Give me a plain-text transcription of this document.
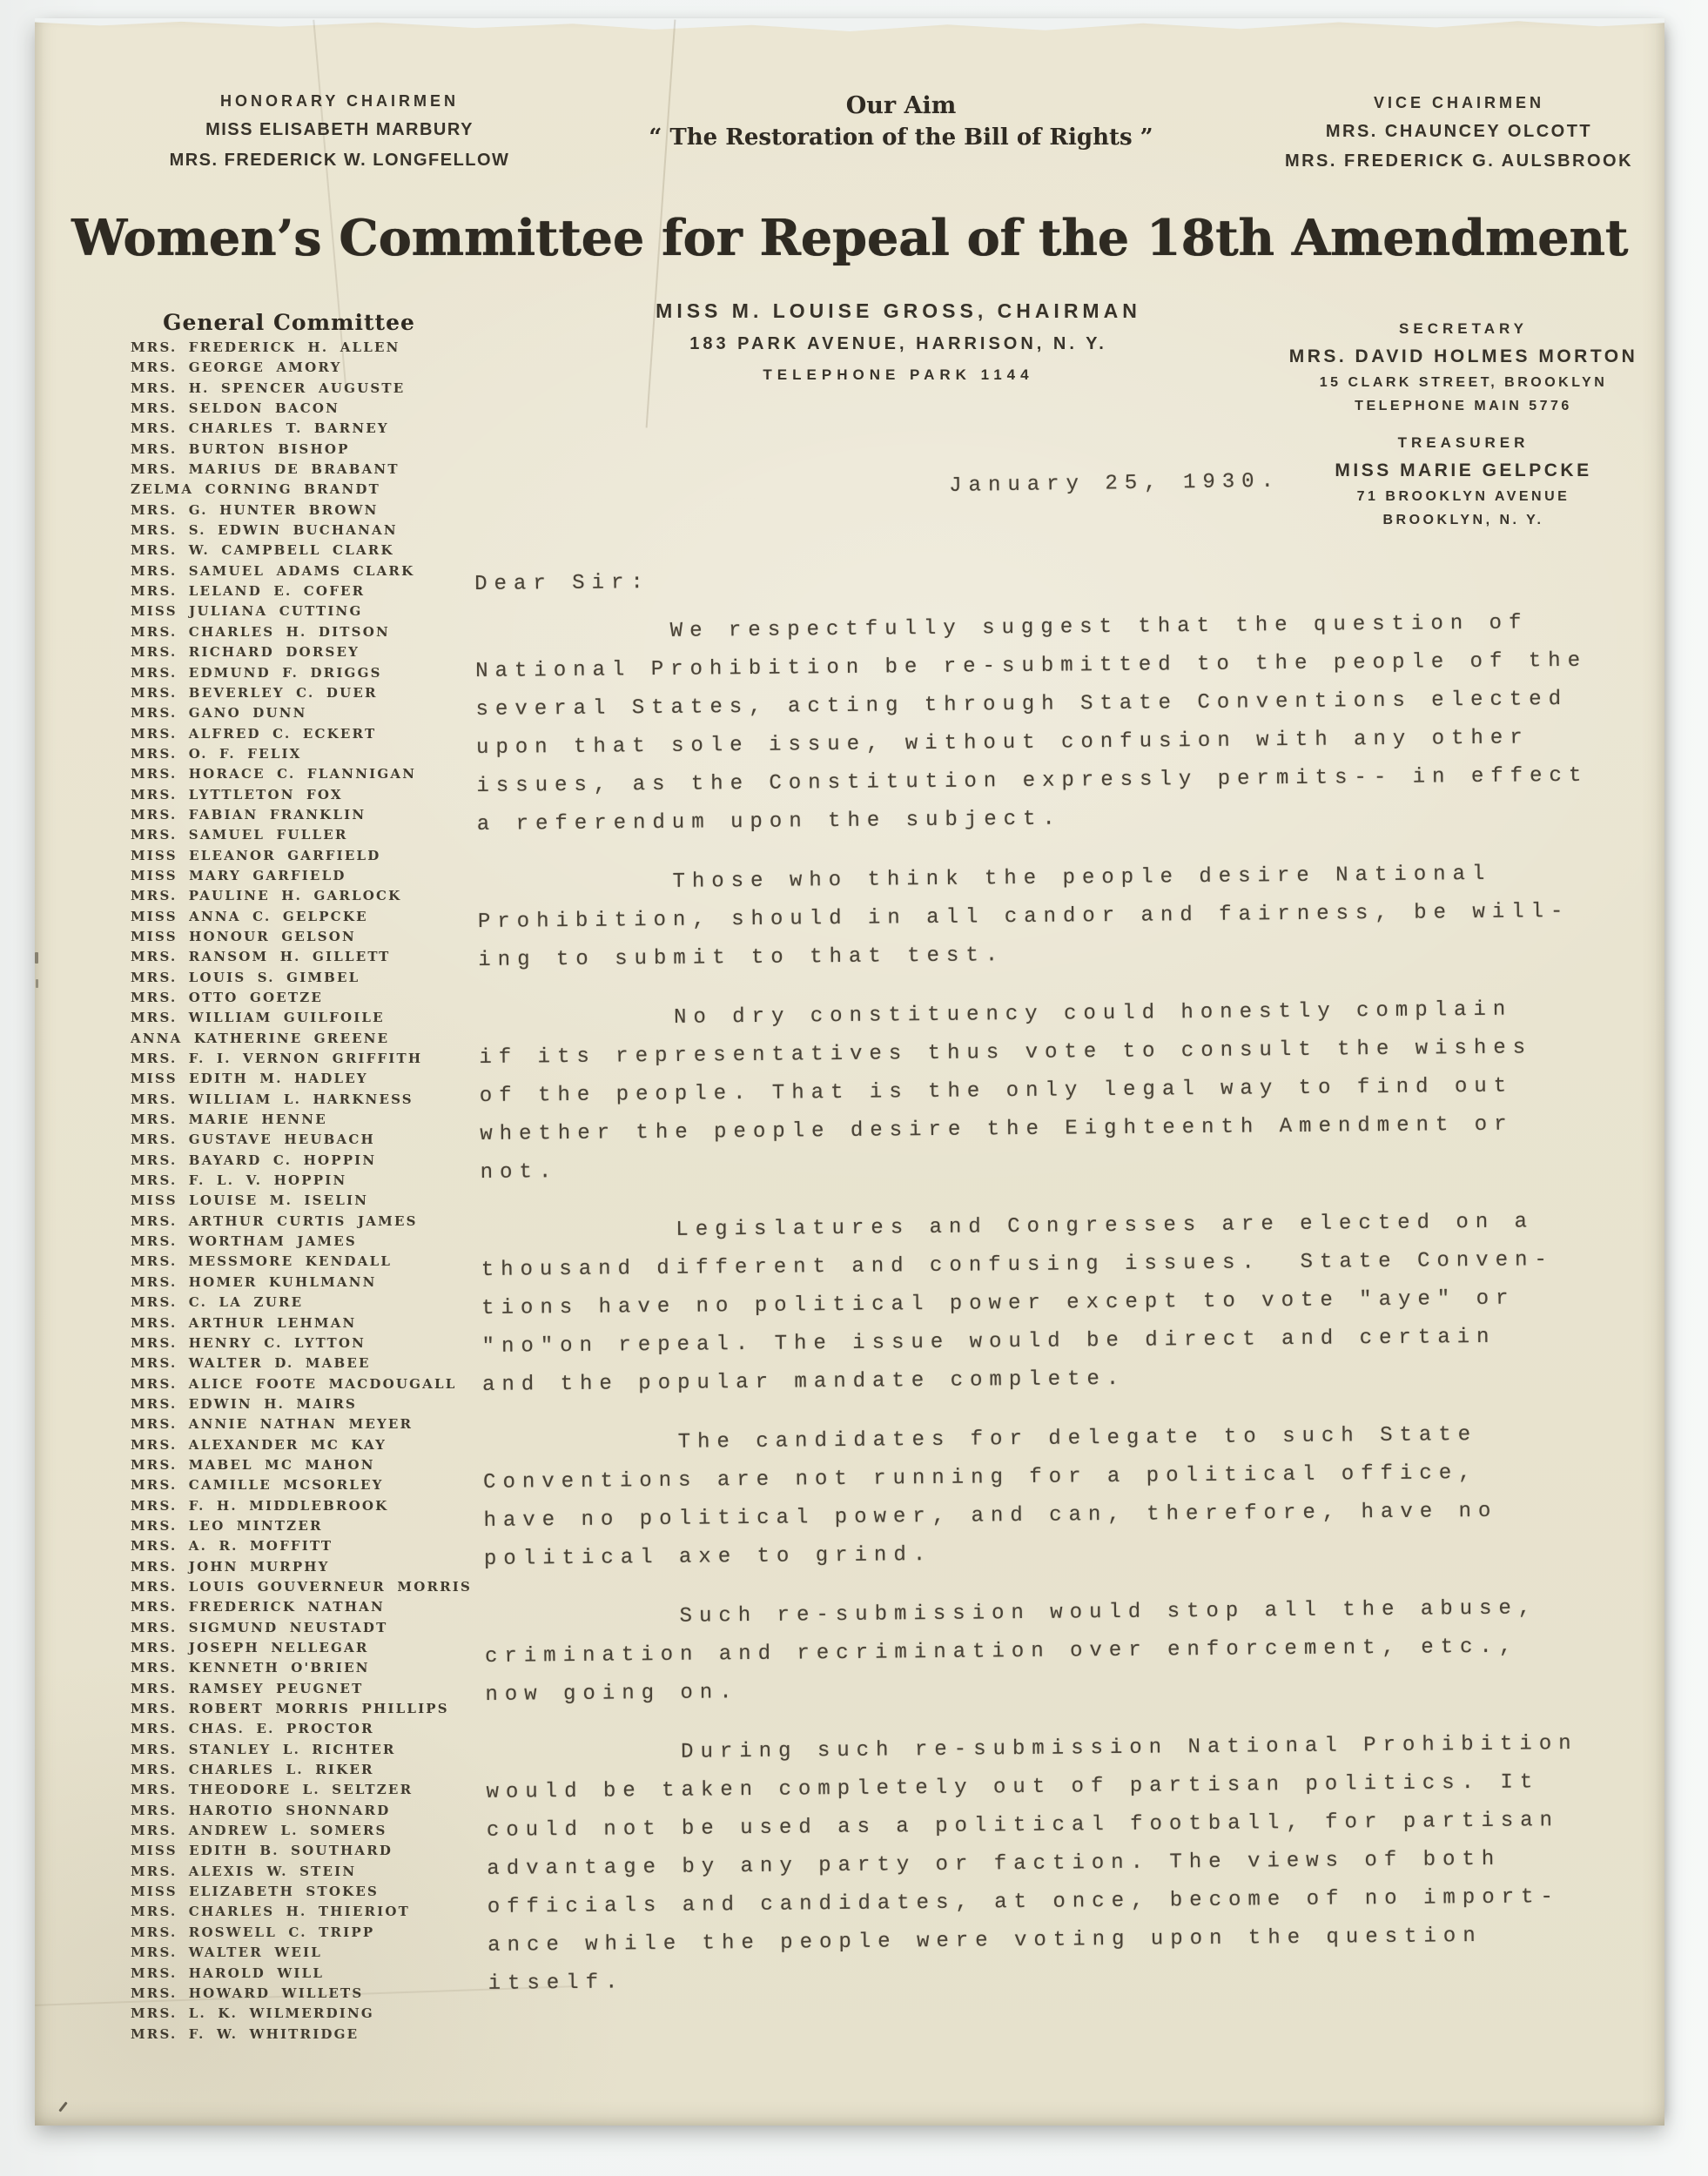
HONORARY CHAIRMEN
MISS ELISABETH MARBURY
MRS. FREDERICK W. LONGFELLOW
Our Aim
“ The Restoration of the Bill of Rights ”
VICE CHAIRMEN
MRS. CHAUNCEY OLCOTT
MRS. FREDERICK G. AULSBROOK
Women’s Committee for Repeal of the 18th Amendment
MISS M. LOUISE GROSS, CHAIRMAN
183 PARK AVENUE, HARRISON, N. Y.
TELEPHONE PARK 1144
SECRETARY
MRS. DAVID HOLMES MORTON
15 CLARK STREET, BROOKLYN
TELEPHONE MAIN 5776
TREASURER
MISS MARIE GELPCKE
71 BROOKLYN AVENUE
BROOKLYN, N. Y.
General Committee
MRS. FREDERICK H. ALLEN
MRS. GEORGE AMORY
MRS. H. SPENCER AUGUSTE
MRS. SELDON BACON
MRS. CHARLES T. BARNEY
MRS. BURTON BISHOP
MRS. MARIUS DE BRABANT
ZELMA CORNING BRANDT
MRS. G. HUNTER BROWN
MRS. S. EDWIN BUCHANAN
MRS. W. CAMPBELL CLARK
MRS. SAMUEL ADAMS CLARK
MRS. LELAND E. COFER
MISS JULIANA CUTTING
MRS. CHARLES H. DITSON
MRS. RICHARD DORSEY
MRS. EDMUND F. DRIGGS
MRS. BEVERLEY C. DUER
MRS. GANO DUNN
MRS. ALFRED C. ECKERT
MRS. O. F. FELIX
MRS. HORACE C. FLANNIGAN
MRS. LYTTLETON FOX
MRS. FABIAN FRANKLIN
MRS. SAMUEL FULLER
MISS ELEANOR GARFIELD
MISS MARY GARFIELD
MRS. PAULINE H. GARLOCK
MISS ANNA C. GELPCKE
MISS HONOUR GELSON
MRS. RANSOM H. GILLETT
MRS. LOUIS S. GIMBEL
MRS. OTTO GOETZE
MRS. WILLIAM GUILFOILE
ANNA KATHERINE GREENE
MRS. F. I. VERNON GRIFFITH
MISS EDITH M. HADLEY
MRS. WILLIAM L. HARKNESS
MRS. MARIE HENNE
MRS. GUSTAVE HEUBACH
MRS. BAYARD C. HOPPIN
MRS. F. L. V. HOPPIN
MISS LOUISE M. ISELIN
MRS. ARTHUR CURTIS JAMES
MRS. WORTHAM JAMES
MRS. MESSMORE KENDALL
MRS. HOMER KUHLMANN
MRS. C. LA ZURE
MRS. ARTHUR LEHMAN
MRS. HENRY C. LYTTON
MRS. WALTER D. MABEE
MRS. ALICE FOOTE MACDOUGALL
MRS. EDWIN H. MAIRS
MRS. ANNIE NATHAN MEYER
MRS. ALEXANDER MC KAY
MRS. MABEL MC MAHON
MRS. CAMILLE MCSORLEY
MRS. F. H. MIDDLEBROOK
MRS. LEO MINTZER
MRS. A. R. MOFFITT
MRS. JOHN MURPHY
MRS. LOUIS GOUVERNEUR MORRIS
MRS. FREDERICK NATHAN
MRS. SIGMUND NEUSTADT
MRS. JOSEPH NELLEGAR
MRS. KENNETH O'BRIEN
MRS. RAMSEY PEUGNET
MRS. ROBERT MORRIS PHILLIPS
MRS. CHAS. E. PROCTOR
MRS. STANLEY L. RICHTER
MRS. CHARLES L. RIKER
MRS. THEODORE L. SELTZER
MRS. HAROTIO SHONNARD
MRS. ANDREW L. SOMERS
MISS EDITH B. SOUTHARD
MRS. ALEXIS W. STEIN
MISS ELIZABETH STOKES
MRS. CHARLES H. THIERIOT
MRS. ROSWELL C. TRIPP
MRS. WALTER WEIL
MRS. HAROLD WILL
MRS. HOWARD WILLETS
MRS. L. K. WILMERDING
MRS. F. W. WHITRIDGE
January 25, 1930.
Dear Sir:
We respectfully suggest that the question of
National Prohibition be re-submitted to the people of the
several States, acting through State Conventions elected
upon that sole issue, without confusion with any other
issues, as the Constitution expressly permits-- in effect
a referendum upon the subject.
Those who think the people desire National
Prohibition, should in all candor and fairness, be will-
ing to submit to that test.
No dry constituency could honestly complain
if its representatives thus vote to consult the wishes
of the people. That is the only legal way to find out
whether the people desire the Eighteenth Amendment or
not.
Legislatures and Congresses are elected on a
thousand different and confusing issues.  State Conven-
tions have no political power except to vote "aye" or
"no"on repeal. The issue would be direct and certain
and the popular mandate complete.
The candidates for delegate to such State
Conventions are not running for a political office,
have no political power, and can, therefore, have no
political axe to grind.
Such re-submission would stop all the abuse,
crimination and recrimination over enforcement, etc.,
now going on.
During such re-submission National Prohibition
would be taken completely out of partisan politics. It
could not be used as a political football, for partisan
advantage by any party or faction. The views of both
officials and candidates, at once, become of no import-
ance while the people were voting upon the question
itself.
